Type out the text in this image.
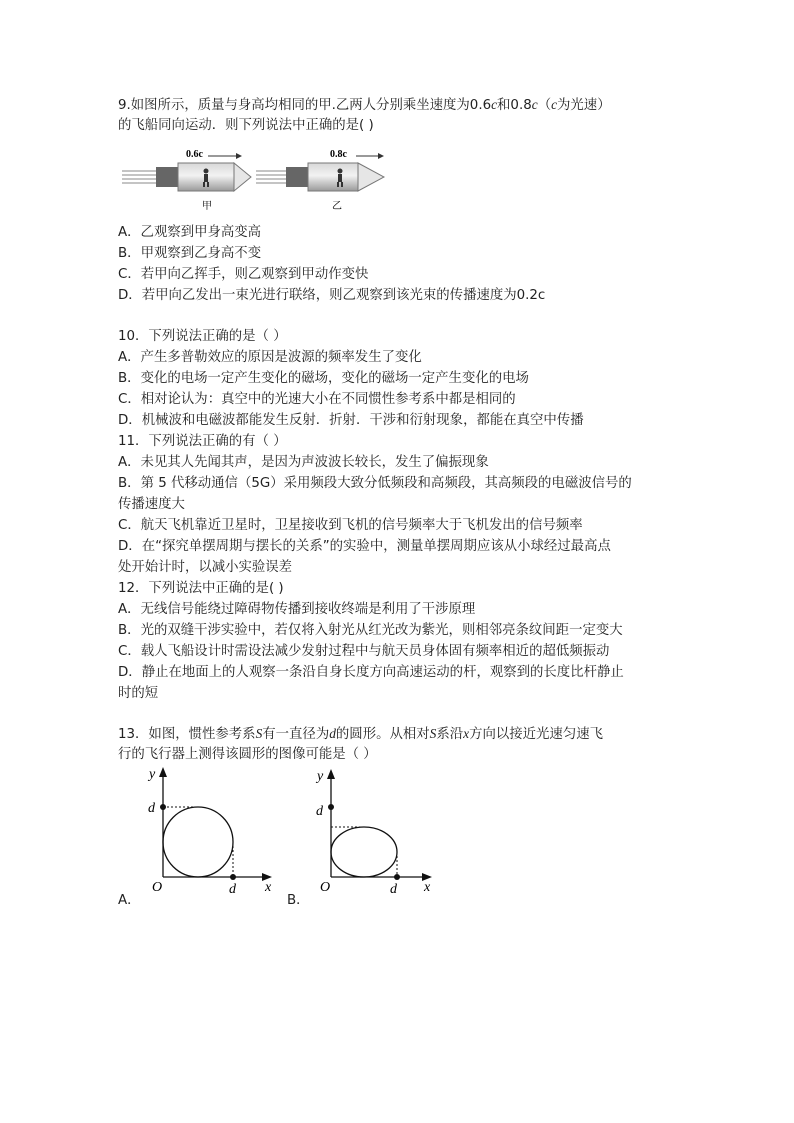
9.如图所示，质量与身高均相同的甲.乙两人分别乘坐速度为0.6c和0.8c（c为光速）
的飞船同向运动．则下列说法中正确的是( )
0.6c
甲
0.8c
乙
A．乙观察到甲身高变高
B．甲观察到乙身高不变
C．若甲向乙挥手，则乙观察到甲动作变快
D．若甲向乙发出一束光进行联络，则乙观察到该光束的传播速度为0.2c
10．下列说法正确的是（ ）
A．产生多普勒效应的原因是波源的频率发生了变化
B．变化的电场一定产生变化的磁场，变化的磁场一定产生变化的电场
C．相对论认为：真空中的光速大小在不同惯性参考系中都是相同的
D．机械波和电磁波都能发生反射．折射．干涉和衍射现象，都能在真空中传播
11．下列说法正确的有（ ）
A．未见其人先闻其声，是因为声波波长较长，发生了偏振现象
B．第 5 代移动通信（5G）采用频段大致分低频段和高频段，其高频段的电磁波信号的
传播速度大
C．航天飞机靠近卫星时，卫星接收到飞机的信号频率大于飞机发出的信号频率
D．在“探究单摆周期与摆长的关系”的实验中，测量单摆周期应该从小球经过最高点
处开始计时，以减小实验误差
12．下列说法中正确的是( )
A．无线信号能绕过障碍物传播到接收终端是利用了干涉原理
B．光的双缝干涉实验中，若仅将入射光从红光改为紫光，则相邻亮条纹间距一定变大
C．载人飞船设计时需设法减少发射过程中与航天员身体固有频率相近的超低频振动
D．静止在地面上的人观察一条沿自身长度方向高速运动的杆，观察到的长度比杆静止
时的短
13．如图，惯性参考系S有一直径为d的圆形。从相对S系沿x方向以接近光速匀速飞
行的飞行器上测得该圆形的图像可能是（ ）
y
d
O	d x
A．
y
d
O	d x
B．
